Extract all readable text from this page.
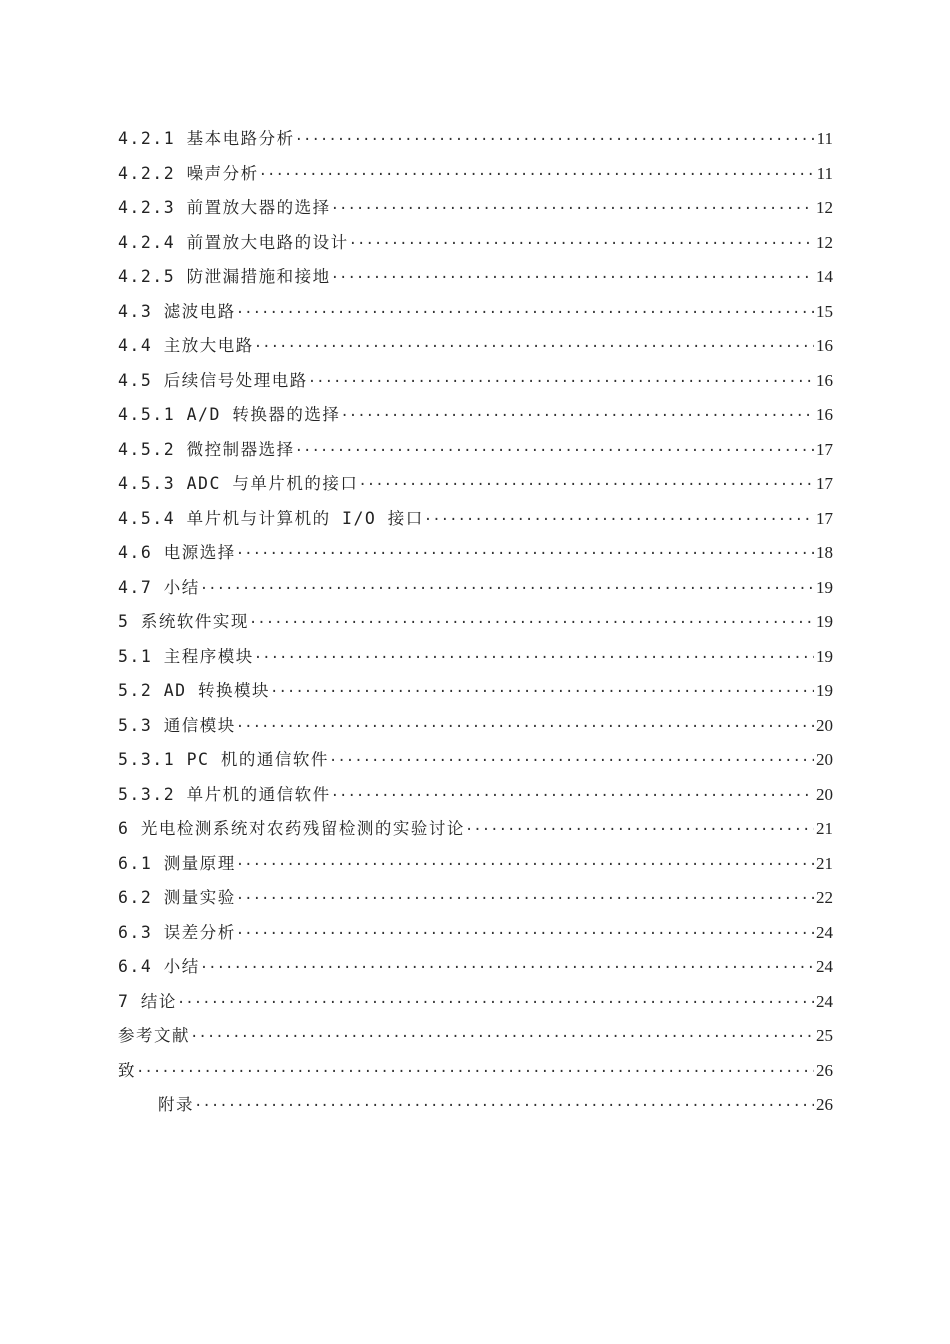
4.2.1 基本电路分析 ·····	11
4.2.2 噪声分析 ·····	11
4.2.3 前置放大器的选择 ·····	12
4.2.4 前置放大电路的设计 ·····	12
4.2.5 防泄漏措施和接地 ·····	14
4.3 滤波电路 ·····	15
4.4 主放大电路 ·····	16
4.5 后续信号处理电路 ·····	16
4.5.1 A/D 转换器的选择 ·····	16
4.5.2 微控制器选择 ·····	17
4.5.3 ADC 与单片机的接口 ·····	17
4.5.4 单片机与计算机的 I/O 接口 ·····	17
4.6 电源选择 ·····	18
4.7 小结 ·····	19
5 系统软件实现 ·····	19
5.1 主程序模块 ·····	19
5.2 AD 转换模块 ·····	19
5.3 通信模块 ·····	20
5.3.1 PC 机的通信软件 ·····	20
5.3.2 单片机的通信软件 ·····	20
6 光电检测系统对农药残留检测的实验讨论 ·····	21
6.1 测量原理 ·····	21
6.2 测量实验 ·····	22
6.3 误差分析 ·····	24
6.4 小结 ·····	24
7 结论 ·····	24
参考文献 ·····	25
致 ·····	26
附录 ·····	26
